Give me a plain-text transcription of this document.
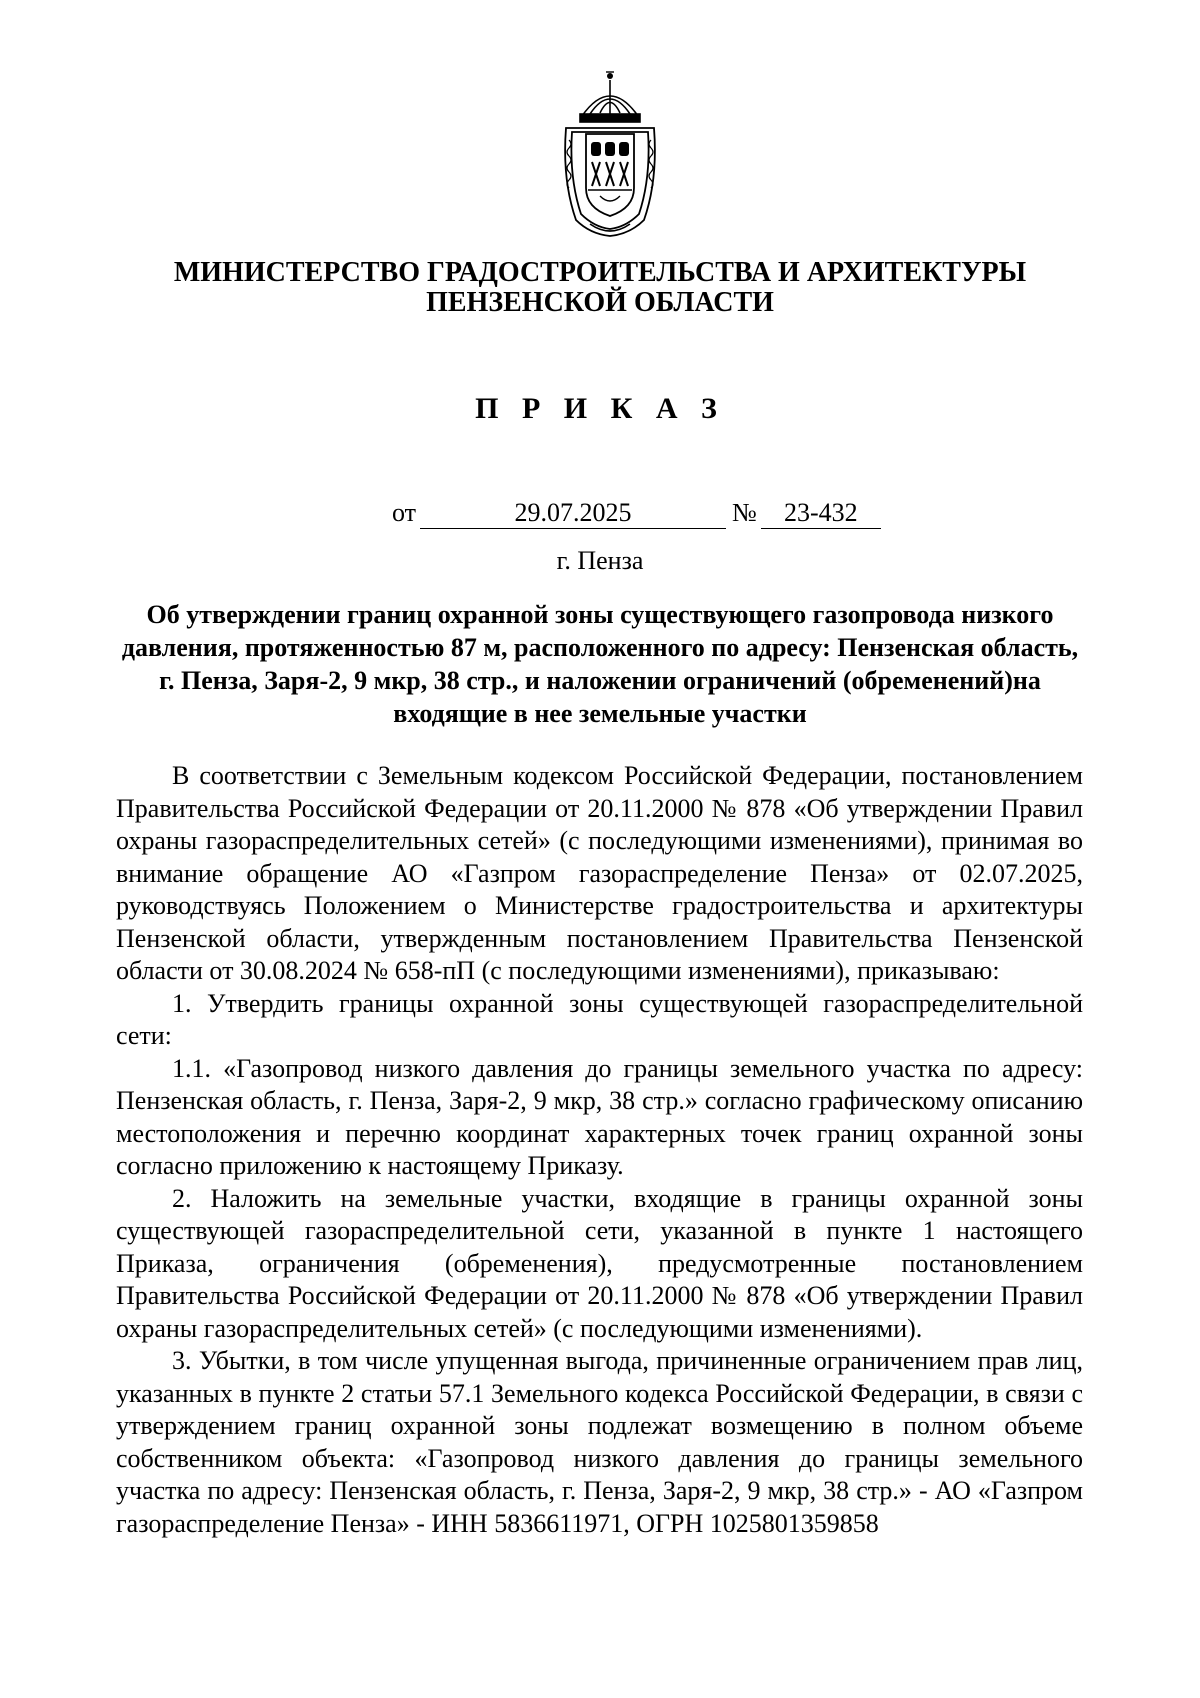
МИНИСТЕРСТВО ГРАДОСТРОИТЕЛЬСТВА И АРХИТЕКТУРЫ
ПЕНЗЕНСКОЙ ОБЛАСТИ
П Р И К А З
от	29.07.2025	№ 23-432
г. Пенза
Об утверждении границ охранной зоны существующего газопровода низкого давления, протяженностью 87 м, расположенного по адресу: Пензенская область, г. Пенза, Заря-2, 9 мкр, 38 стр., и наложении ограничений (обременений)на входящие в нее земельные участки

В соответствии с Земельным кодексом Российской Федерации, постановлением Правительства Российской Федерации от 20.11.2000 № 878 «Об утверждении Правил охраны газораспределительных сетей» (с последующими изменениями), принимая во внимание обращение АО «Газпром газораспределение Пенза» от 02.07.2025, руководствуясь Положением о Министерстве градостроительства и архитектуры Пензенской области, утвержденным постановлением Правительства Пензенской области от 30.08.2024 № 658-пП (с последующими изменениями), приказываю:

1. Утвердить границы охранной зоны существующей газораспределительной сети:

1.1. «Газопровод низкого давления до границы земельного участка по адресу: Пензенская область, г. Пенза, Заря-2, 9 мкр, 38 стр.» согласно графическому описанию местоположения и перечню координат характерных точек границ охранной зоны согласно приложению к настоящему Приказу.

2. Наложить на земельные участки, входящие в границы охранной зоны существующей газораспределительной сети, указанной в пункте 1 настоящего Приказа, ограничения (обременения), предусмотренные постановлением Правительства Российской Федерации от 20.11.2000 № 878 «Об утверждении Правил охраны газораспределительных сетей» (с последующими изменениями).

3. Убытки, в том числе упущенная выгода, причиненные ограничением прав лиц, указанных в пункте 2 статьи 57.1 Земельного кодекса Российской Федерации, в связи с утверждением границ охранной зоны подлежат возмещению в полном объеме собственником объекта: «Газопровод низкого давления до границы земельного участка по адресу: Пензенская область, г. Пенза, Заря-2, 9 мкр, 38 стр.» - АО «Газпром газораспределение Пенза» - ИНН 5836611971, ОГРН 1025801359858
